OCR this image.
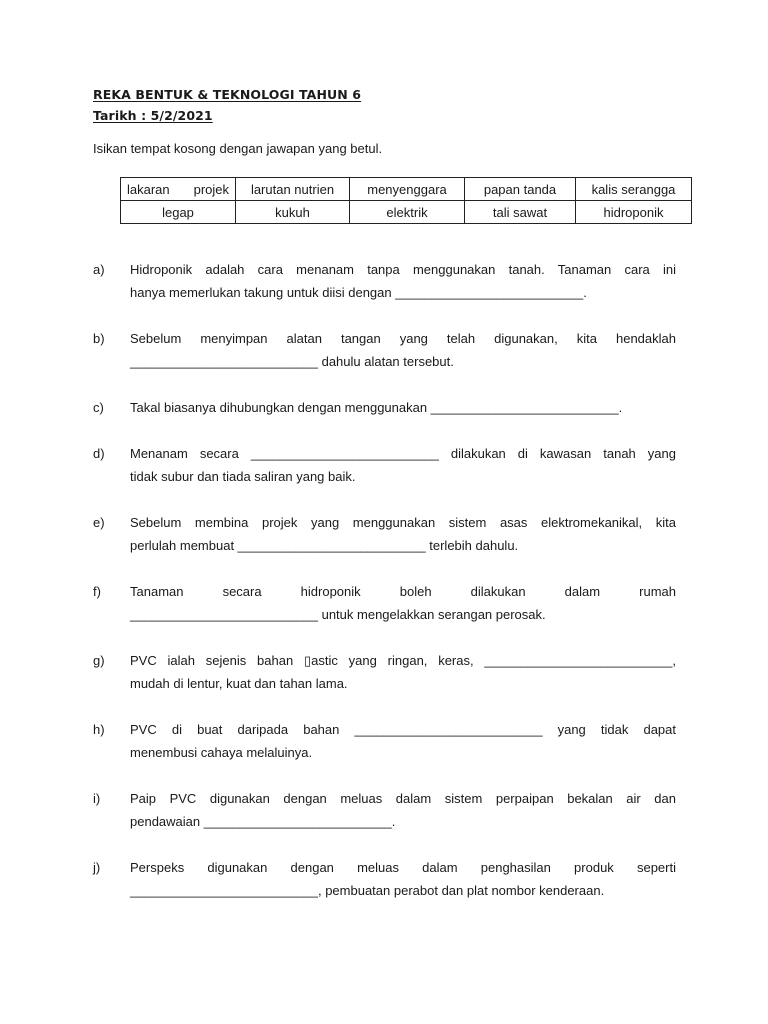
REKA BENTUK & TEKNOLOGI TAHUN 6
Tarikh : 5/2/2021
Isikan tempat kosong dengan jawapan yang betul.
lakaran projek	larutan nutrien	menyenggara	papan tanda	kalis serangga
legap	kukuh	elektrik	tali sawat	hidroponik
a) Hidroponik adalah cara menanam tanpa menggunakan tanah. Tanaman cara ini
hanya memerlukan takung untuk diisi dengan __________________________.
b) Sebelum menyimpan alatan tangan yang telah digunakan, kita hendaklah
__________________________ dahulu alatan tersebut.
c) Takal biasanya dihubungkan dengan menggunakan __________________________.
d) Menanam secara __________________________ dilakukan di kawasan tanah yang
tidak subur dan tiada saliran yang baik.
e) Sebelum membina projek yang menggunakan sistem asas elektromekanikal, kita
perlulah membuat __________________________ terlebih dahulu.
f) Tanaman secara hidroponik boleh dilakukan dalam rumah
__________________________ untuk mengelakkan serangan perosak.
g) PVC ialah sejenis bahan ▯astic yang ringan, keras, __________________________,
mudah di lentur, kuat dan tahan lama.
h) PVC di buat daripada bahan __________________________ yang tidak dapat
menembusi cahaya melaluinya.
i) Paip PVC digunakan dengan meluas dalam sistem perpaipan bekalan air dan
pendawaian __________________________.
j) Perspeks digunakan dengan meluas dalam penghasilan produk seperti
__________________________, pembuatan perabot dan plat nombor kenderaan.
